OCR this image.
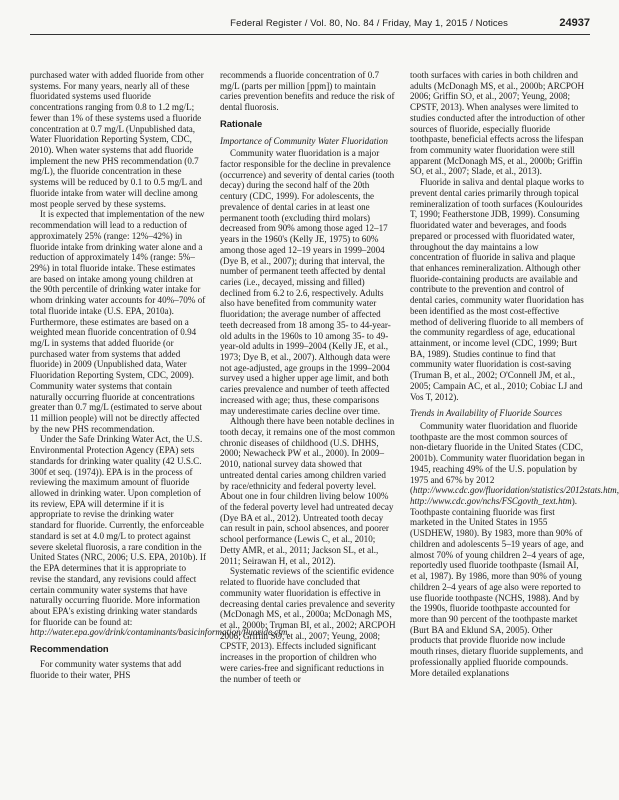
Federal Register / Vol. 80, No. 84 / Friday, May 1, 2015 / Notices	24937

purchased water with added fluoride from other systems. For many years, nearly all of these fluoridated systems used fluoride concentrations ranging from 0.8 to 1.2 mg/L; fewer than 1% of these systems used a fluoride concentration at 0.7 mg/L (Unpublished data, Water Fluoridation Reporting System, CDC, 2010). When water systems that add fluoride implement the new PHS recommendation (0.7 mg/L), the fluoride concentration in these systems will be reduced by 0.1 to 0.5 mg/L and fluoride intake from water will decline among most people served by these systems.

It is expected that implementation of the new recommendation will lead to a reduction of approximately 25% (range: 12%–42%) in fluoride intake from drinking water alone and a reduction of approximately 14% (range: 5%–29%) in total fluoride intake. These estimates are based on intake among young children at the 90th percentile of drinking water intake for whom drinking water accounts for 40%–70% of total fluoride intake (U.S. EPA, 2010a). Furthermore, these estimates are based on a weighted mean fluoride concentration of 0.94 mg/L in systems that added fluoride (or purchased water from systems that added fluoride) in 2009 (Unpublished data, Water Fluoridation Reporting System, CDC, 2009). Community water systems that contain naturally occurring fluoride at concentrations greater than 0.7 mg/L (estimated to serve about 11 million people) will not be directly affected by the new PHS recommendation.

Under the Safe Drinking Water Act, the U.S. Environmental Protection Agency (EPA) sets standards for drinking water quality (42 U.S.C. 300f et seq. (1974)). EPA is in the process of reviewing the maximum amount of fluoride allowed in drinking water. Upon completion of its review, EPA will determine if it is appropriate to revise the drinking water standard for fluoride. Currently, the enforceable standard is set at 4.0 mg/L to protect against severe skeletal fluorosis, a rare condition in the United States (NRC, 2006; U.S. EPA, 2010b). If the EPA determines that it is appropriate to revise the standard, any revisions could affect certain community water systems that have naturally occurring fluoride. More information about EPA's existing drinking water standards for fluoride can be found at: http://water.epa.gov/drink/contaminants/basicinformation/fluoride.cfm.

Recommendation

For community water systems that add fluoride to their water, PHS

recommends a fluoride concentration of 0.7 mg/L (parts per million [ppm]) to maintain caries prevention benefits and reduce the risk of dental fluorosis.

Rationale
Importance of Community Water Fluoridation

Community water fluoridation is a major factor responsible for the decline in prevalence (occurrence) and severity of dental caries (tooth decay) during the second half of the 20th century (CDC, 1999). For adolescents, the prevalence of dental caries in at least one permanent tooth (excluding third molars) decreased from 90% among those aged 12–17 years in the 1960's (Kelly JE, 1975) to 60% among those aged 12–19 years in 1999–2004 (Dye B, et al., 2007); during that interval, the number of permanent teeth affected by dental caries (i.e., decayed, missing and filled) declined from 6.2 to 2.6, respectively. Adults also have benefited from community water fluoridation; the average number of affected teeth decreased from 18 among 35- to 44-year-old adults in the 1960s to 10 among 35- to 49-year-old adults in 1999–2004 (Kelly JE, et al., 1973; Dye B, et al., 2007). Although data were not age-adjusted, age groups in the 1999–2004 survey used a higher upper age limit, and both caries prevalence and number of teeth affected increased with age; thus, these comparisons may underestimate caries decline over time.

Although there have been notable declines in tooth decay, it remains one of the most common chronic diseases of childhood (U.S. DHHS, 2000; Newacheck PW et al., 2000). In 2009–2010, national survey data showed that untreated dental caries among children varied by race/ethnicity and federal poverty level. About one in four children living below 100% of the federal poverty level had untreated decay (Dye BA et al., 2012). Untreated tooth decay can result in pain, school absences, and poorer school performance (Lewis C, et al., 2010; Detty AMR, et al., 2011; Jackson SL, et al., 2011; Seirawan H, et al., 2012).

Systematic reviews of the scientific evidence related to fluoride have concluded that community water fluoridation is effective in decreasing dental caries prevalence and severity (McDonagh MS, et al., 2000a; McDonagh MS, et al., 2000b; Truman BI, et al., 2002; ARCPOH 2006; Griffin SO, et al., 2007; Yeung, 2008; CPSTF, 2013). Effects included significant increases in the proportion of children who were caries-free and significant reductions in the number of teeth or

tooth surfaces with caries in both children and adults (McDonagh MS, et al., 2000b; ARCPOH 2006; Griffin SO, et al., 2007; Yeung, 2008; CPSTF, 2013). When analyses were limited to studies conducted after the introduction of other sources of fluoride, especially fluoride toothpaste, beneficial effects across the lifespan from community water fluoridation were still apparent (McDonagh MS, et al., 2000b; Griffin SO, et al., 2007; Slade, et al., 2013).

Fluoride in saliva and dental plaque works to prevent dental caries primarily through topical remineralization of tooth surfaces (Koulourides T, 1990; Featherstone JDB, 1999). Consuming fluoridated water and beverages, and foods prepared or processed with fluoridated water, throughout the day maintains a low concentration of fluoride in saliva and plaque that enhances remineralization. Although other fluoride-containing products are available and contribute to the prevention and control of dental caries, community water fluoridation has been identified as the most cost-effective method of delivering fluoride to all members of the community regardless of age, educational attainment, or income level (CDC, 1999; Burt BA, 1989). Studies continue to find that community water fluoridation is cost-saving (Truman B, et al., 2002; O'Connell JM, et al., 2005; Campain AC, et al., 2010; Cobiac LJ and Vos T, 2012).

Trends in Availability of Fluoride Sources

Community water fluoridation and fluoride toothpaste are the most common sources of non-dietary fluoride in the United States (CDC, 2001b). Community water fluoridation began in 1945, reaching 49% of the U.S. population by 1975 and 67% by 2012 (http://www.cdc.gov/fluoridation/statistics/2012stats.htm, http://www.cdc.gov/nchs/FSCgovth_text.htm). Toothpaste containing fluoride was first marketed in the United States in 1955 (USDHEW, 1980). By 1983, more than 90% of children and adolescents 5–19 years of age, and almost 70% of young children 2–4 years of age, reportedly used fluoride toothpaste (Ismail AI, et al, 1987). By 1986, more than 90% of young children 2–4 years of age also were reported to use fluoride toothpaste (NCHS, 1988). And by the 1990s, fluoride toothpaste accounted for more than 90 percent of the toothpaste market (Burt BA and Eklund SA, 2005). Other products that provide fluoride now include mouth rinses, dietary fluoride supplements, and professionally applied fluoride compounds. More detailed explanations
